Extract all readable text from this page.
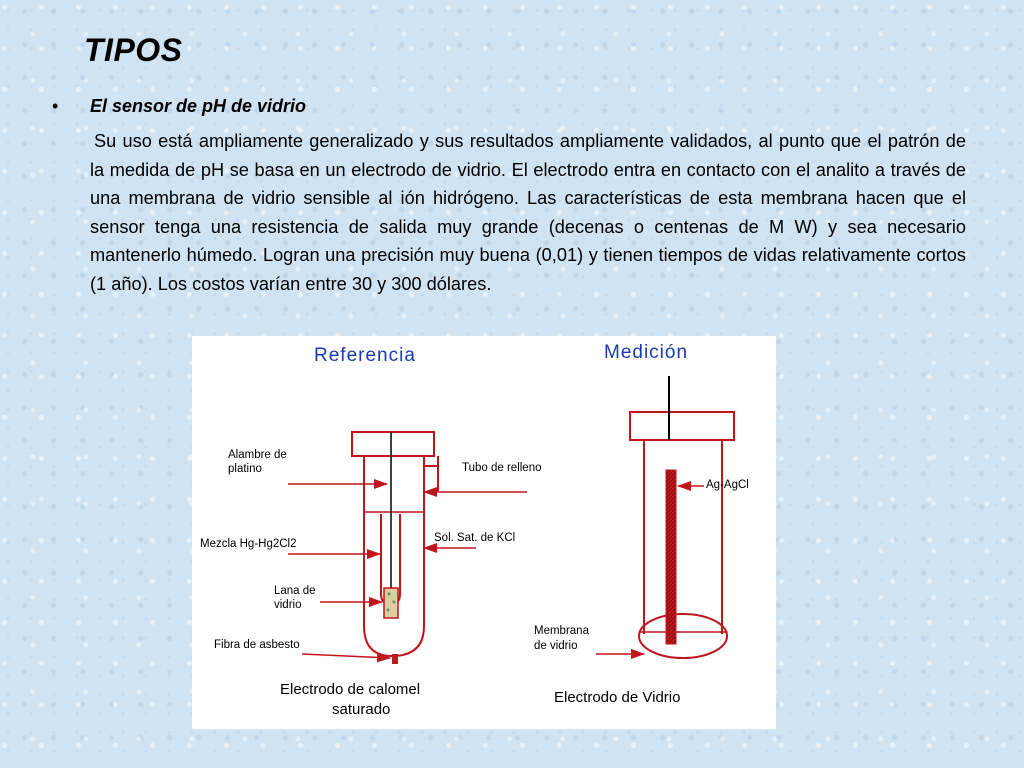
TIPOS
•	El sensor de pH de vidrio

Su uso está ampliamente generalizado y sus resultados ampliamente validados, al punto que el patrón de la medida de pH se basa en un electrodo de vidrio. El electrodo entra en contacto con el analito a través de una membrana de vidrio sensible al ión hidrógeno. Las características de esta membrana hacen que el sensor tenga una resistencia de salida muy grande (decenas o centenas de M W) y sea necesario mantenerlo húmedo. Logran una precisión muy buena (0,01) y tienen tiempos de vidas relativamente cortos (1 año). Los costos varían entre 30 y 300 dólares.

Referencia
Alambre de
platino	Tubo de relleno
Mezcla Hg-Hg2Cl2	Sol. Sat. de KCl
Lana de
vidrio
Fibra de asbesto
Electrodo de calomel
saturado
Medición
Ag-AgCl
Membrana
de vidrio
Electrodo de Vidrio
